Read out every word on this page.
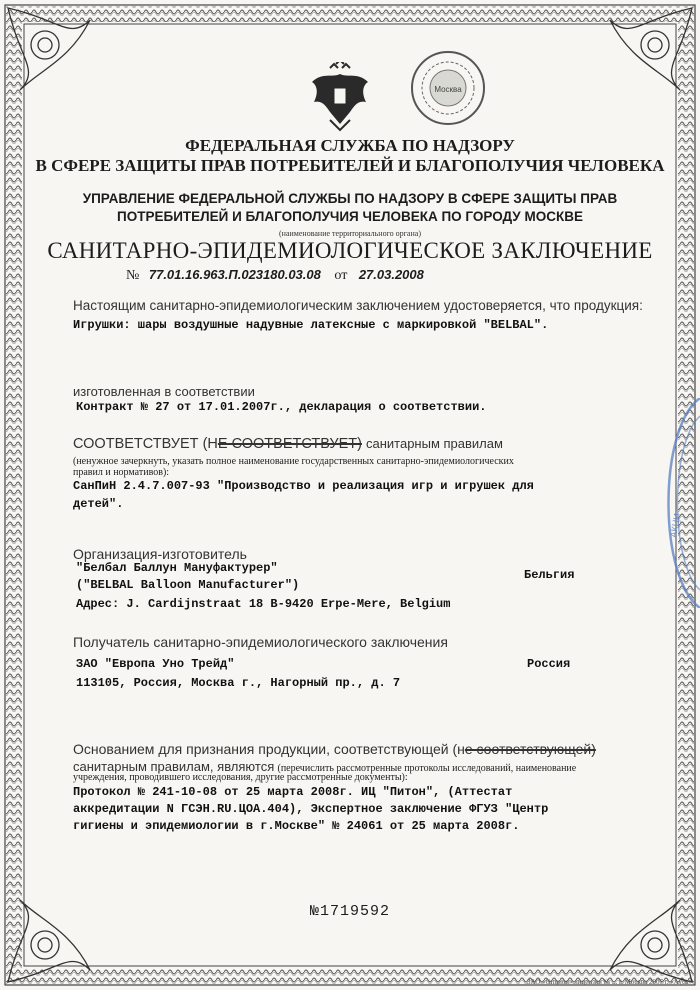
Москва
ФЕДЕРАЛЬНАЯ СЛУЖБА ПО НАДЗОРУ
В СФЕРЕ ЗАЩИТЫ ПРАВ ПОТРЕБИТЕЛЕЙ И БЛАГОПОЛУЧИЯ ЧЕЛОВЕКА
УПРАВЛЕНИЕ ФЕДЕРАЛЬНОЙ СЛУЖБЫ ПО НАДЗОРУ В СФЕРЕ ЗАЩИТЫ ПРАВ
ПОТРЕБИТЕЛЕЙ И БЛАГОПОЛУЧИЯ ЧЕЛОВЕКА ПО ГОРОДУ МОСКВЕ
(наименование территориального органа)
САНИТАРНО-ЭПИДЕМИОЛОГИЧЕСКОЕ ЗАКЛЮЧЕНИЕ
№ 77.01.16.963.П.023180.03.08 от 27.03.2008
Настоящим санитарно-эпидемиологическим заключением удостоверяется, что продукция:
Игрушки: шары воздушные надувные латексные с маркировкой "BELBAL".
изготовленная в соответствии
Контракт № 27 от 17.01.2007г., декларация о соответствии.
СООТВЕТСТВУЕТ (НЕ СООТВЕТСТВУЕТ) санитарным правилам
(ненужное зачеркнуть, указать полное наименование государственных санитарно-эпидемиологических
правил и нормативов):
СанПиН 2.4.7.007-93 "Производство и реализация игр и игрушек для
детей".
Организация-изготовитель
"Белбал Баллун Мануфактурер"	Бельгия
("BELBAL Balloon Manufacturer")
Адрес: J. Cardijnstraat 18 B-9420 Erpe-Mere, Belgium
Получатель санитарно-эпидемиологического заключения
ЗАО "Европа Уно Трейд"	Россия
113105, Россия, Москва г., Нагорный пр., д. 7
Основанием для признания продукции, соответствующей (не соответствующей)
санитарным правилам, являются (перечислить рассмотренные протоколы исследований, наименование
учреждения, проводившего исследования, другие рассмотренные документы):
Протокол № 241-10-08 от 25 марта 2008г. ИЦ "Питон", (Аттестат
аккредитации N ГСЭН.RU.ЦОА.404), Экспертное заключение ФГУЗ "Центр
гигиены и эпидемиологии в г.Москве" № 24061 от 25 марта 2008г.
№1719592
АКЦИ
ЗАО «Опцион» лицензия № ... г. Москва 2007 г. «Ауск»
